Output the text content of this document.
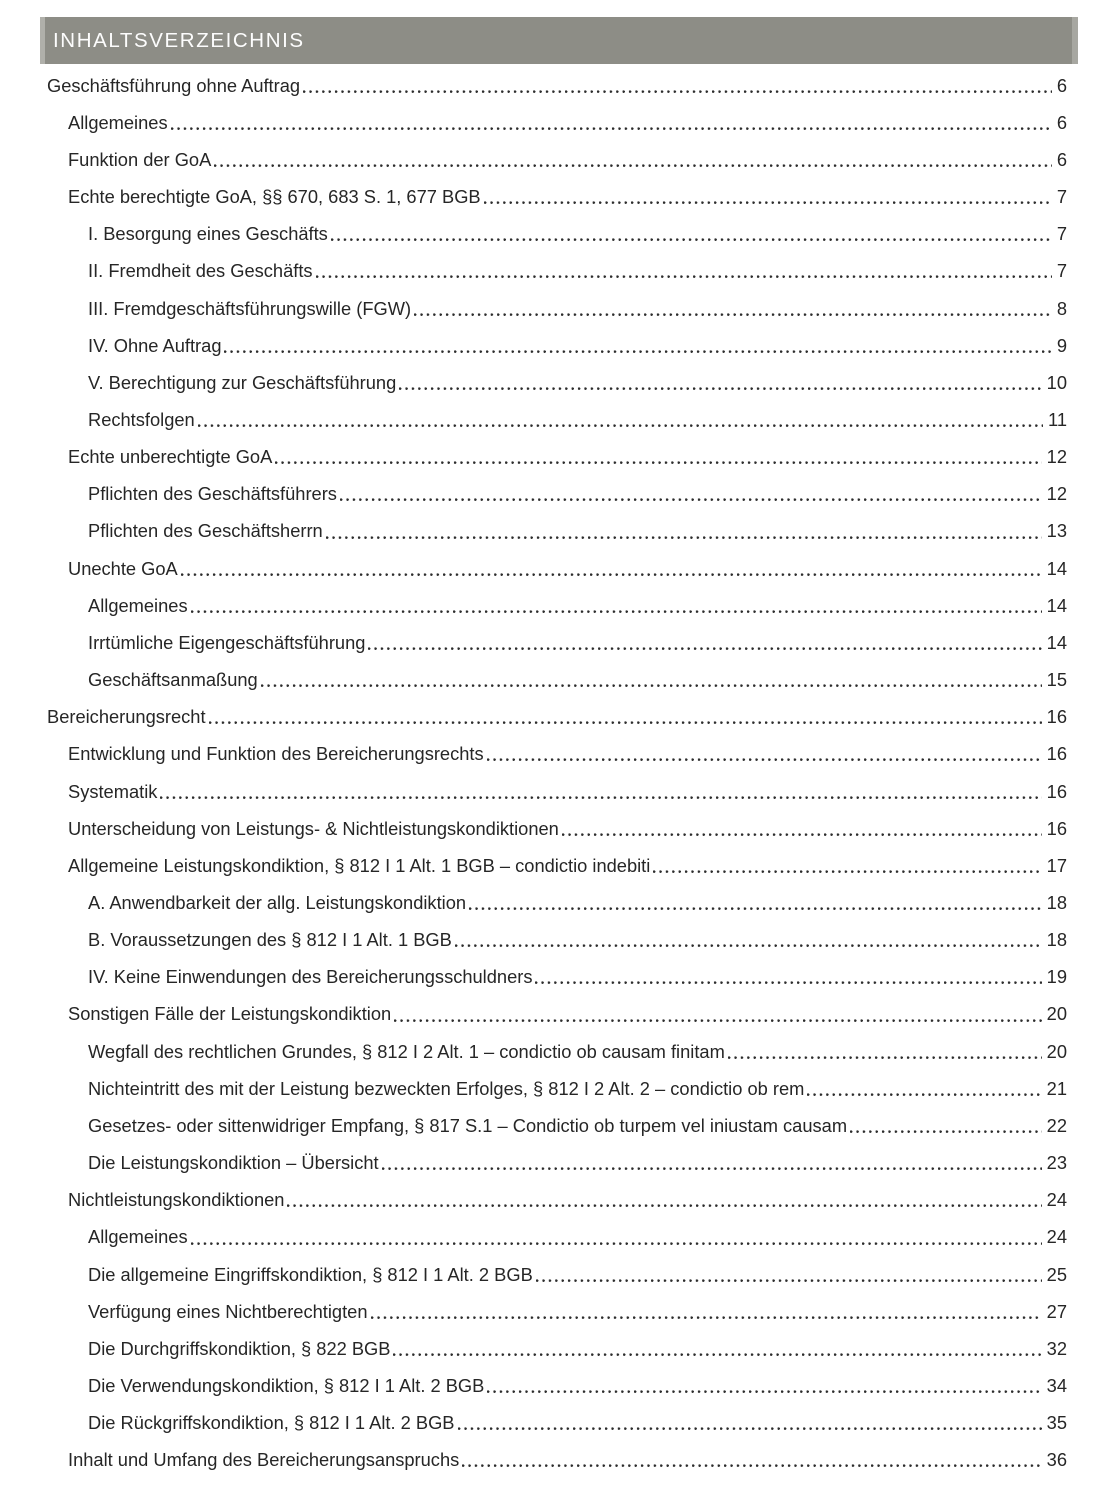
INHALTSVERZEICHNIS
Geschäftsführung ohne Auftrag	6
Allgemeines	6
Funktion der GoA	6
Echte berechtigte GoA, §§ 670, 683 S. 1, 677 BGB	7
I. Besorgung eines Geschäfts	7
II. Fremdheit des Geschäfts	7
III. Fremdgeschäftsführungswille (FGW)	8
IV. Ohne Auftrag	9
V. Berechtigung zur Geschäftsführung	10
Rechtsfolgen	11
Echte unberechtigte GoA	12
Pflichten des Geschäftsführers	12
Pflichten des Geschäftsherrn	13
Unechte GoA	14
Allgemeines	14
Irrtümliche Eigengeschäftsführung	14
Geschäftsanmaßung	15
Bereicherungsrecht	16
Entwicklung und Funktion des Bereicherungsrechts	16
Systematik	16
Unterscheidung von Leistungs- & Nichtleistungskondiktionen	16
Allgemeine Leistungskondiktion, § 812 I 1 Alt. 1 BGB – condictio indebiti	17
A. Anwendbarkeit der allg. Leistungskondiktion	18
B. Voraussetzungen des § 812 I 1 Alt. 1 BGB	18
IV. Keine Einwendungen des Bereicherungsschuldners	19
Sonstigen Fälle der Leistungskondiktion	20
Wegfall des rechtlichen Grundes, § 812 I 2 Alt. 1 – condictio ob causam finitam	20
Nichteintritt des mit der Leistung bezweckten Erfolges, § 812 I 2 Alt. 2 – condictio ob rem	21
Gesetzes- oder sittenwidriger Empfang, § 817 S.1 – Condictio ob turpem vel iniustam causam	22
Die Leistungskondiktion – Übersicht	23
Nichtleistungskondiktionen	24
Allgemeines	24
Die allgemeine Eingriffskondiktion, § 812 I 1 Alt. 2 BGB	25
Verfügung eines Nichtberechtigten	27
Die Durchgriffskondiktion, § 822 BGB	32
Die Verwendungskondiktion, § 812 I 1 Alt. 2 BGB	34
Die Rückgriffskondiktion, § 812 I 1 Alt. 2 BGB	35
Inhalt und Umfang des Bereicherungsanspruchs	36
